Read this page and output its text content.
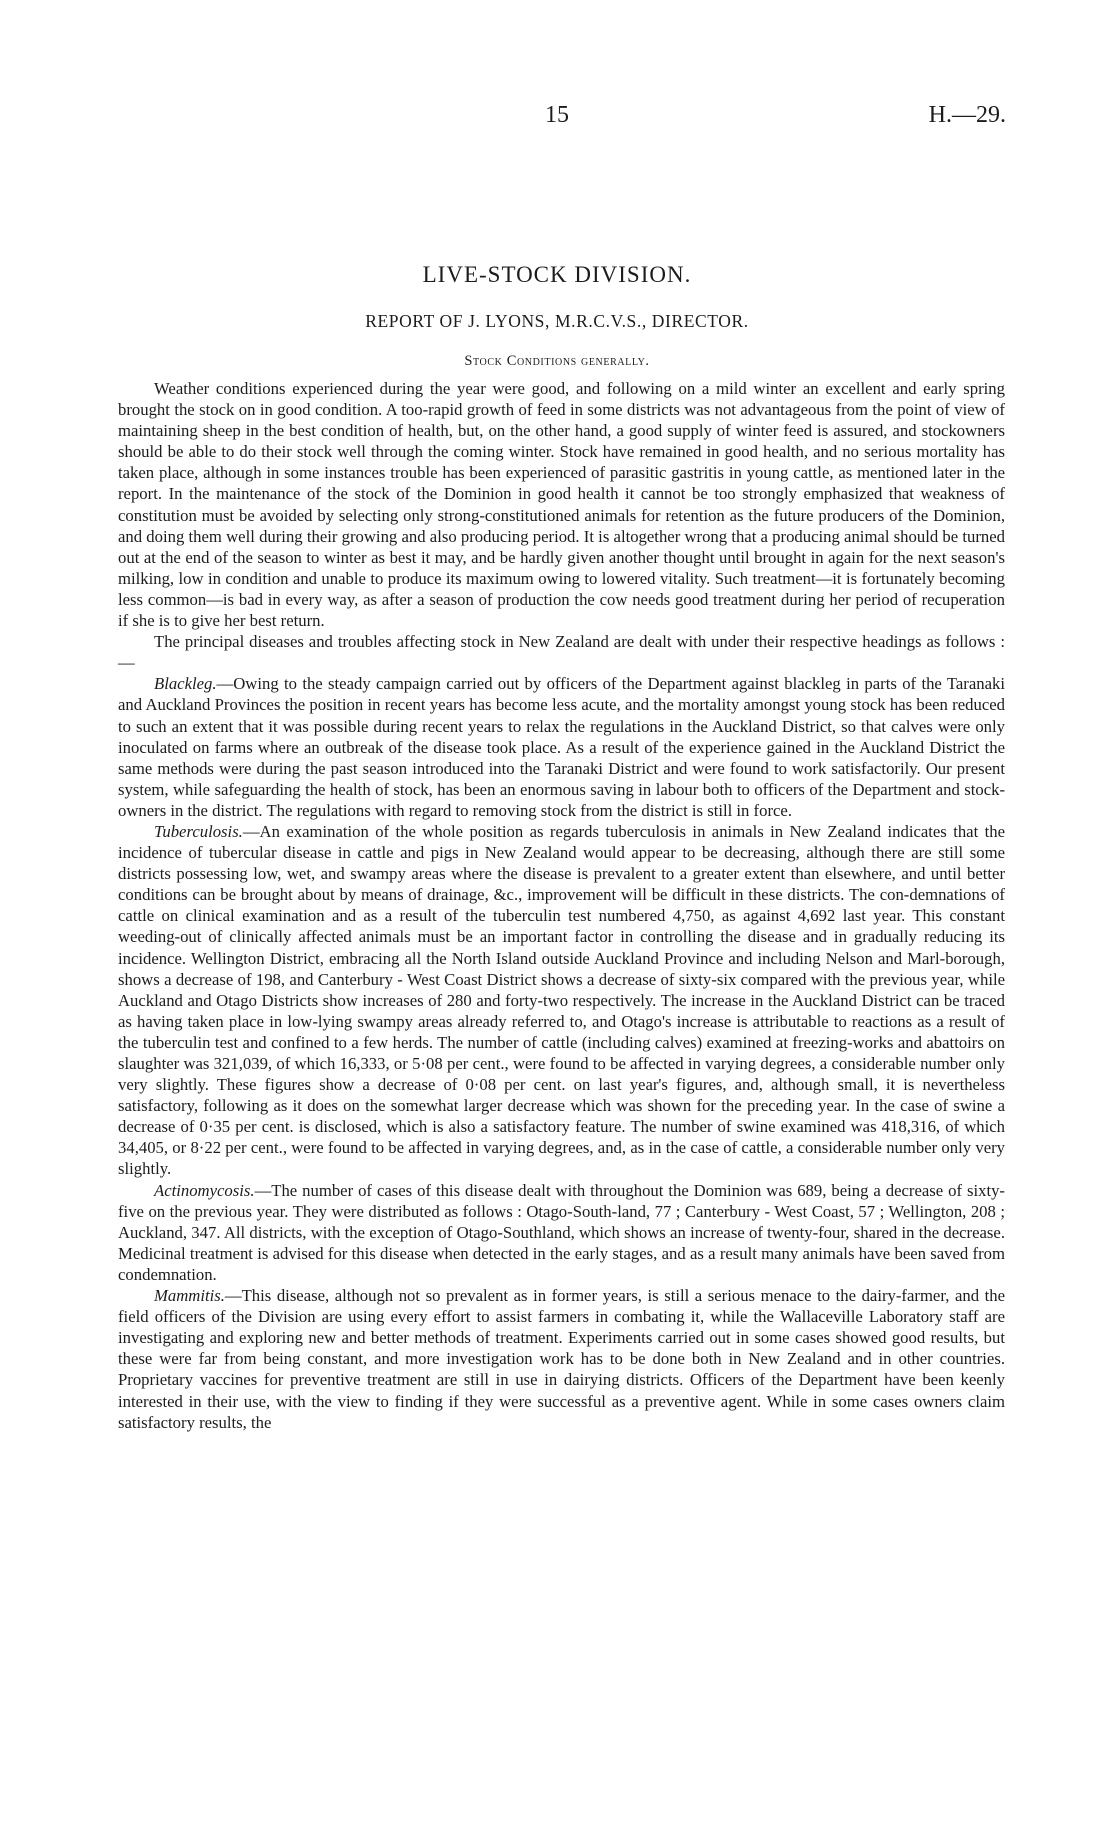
15	H.—29.
LIVE-STOCK DIVISION.
REPORT OF J. LYONS, M.R.C.V.S., DIRECTOR.
Stock Conditions generally.

Weather conditions experienced during the year were good, and following on a mild winter an excellent and early spring brought the stock on in good condition. A too-rapid growth of feed in some districts was not advantageous from the point of view of maintaining sheep in the best condition of health, but, on the other hand, a good supply of winter feed is assured, and stockowners should be able to do their stock well through the coming winter. Stock have remained in good health, and no serious mortality has taken place, although in some instances trouble has been experienced of parasitic gastritis in young cattle, as mentioned later in the report. In the maintenance of the stock of the Dominion in good health it cannot be too strongly emphasized that weakness of constitution must be avoided by selecting only strong-constitutioned animals for retention as the future producers of the Dominion, and doing them well during their growing and also producing period. It is altogether wrong that a producing animal should be turned out at the end of the season to winter as best it may, and be hardly given another thought until brought in again for the next season's milking, low in condition and unable to produce its maximum owing to lowered vitality. Such treatment—it is fortunately becoming less common—is bad in every way, as after a season of production the cow needs good treatment during her period of recuperation if she is to give her best return.

The principal diseases and troubles affecting stock in New Zealand are dealt with under their respective headings as follows :—

Blackleg.—Owing to the steady campaign carried out by officers of the Department against blackleg in parts of the Taranaki and Auckland Provinces the position in recent years has become less acute, and the mortality amongst young stock has been reduced to such an extent that it was possible during recent years to relax the regulations in the Auckland District, so that calves were only inoculated on farms where an outbreak of the disease took place. As a result of the experience gained in the Auckland District the same methods were during the past season introduced into the Taranaki District and were found to work satisfactorily. Our present system, while safeguarding the health of stock, has been an enormous saving in labour both to officers of the Department and stock-owners in the district. The regulations with regard to removing stock from the district is still in force.

Tuberculosis.—An examination of the whole position as regards tuberculosis in animals in New Zealand indicates that the incidence of tubercular disease in cattle and pigs in New Zealand would appear to be decreasing, although there are still some districts possessing low, wet, and swampy areas where the disease is prevalent to a greater extent than elsewhere, and until better conditions can be brought about by means of drainage, &c., improvement will be difficult in these districts. The con-demnations of cattle on clinical examination and as a result of the tuberculin test numbered 4,750, as against 4,692 last year. This constant weeding-out of clinically affected animals must be an important factor in controlling the disease and in gradually reducing its incidence. Wellington District, embracing all the North Island outside Auckland Province and including Nelson and Marl-borough, shows a decrease of 198, and Canterbury - West Coast District shows a decrease of sixty-six compared with the previous year, while Auckland and Otago Districts show increases of 280 and forty-two respectively. The increase in the Auckland District can be traced as having taken place in low-lying swampy areas already referred to, and Otago's increase is attributable to reactions as a result of the tuberculin test and confined to a few herds. The number of cattle (including calves) examined at freezing-works and abattoirs on slaughter was 321,039, of which 16,333, or 5·08 per cent., were found to be affected in varying degrees, a considerable number only very slightly. These figures show a decrease of 0·08 per cent. on last year's figures, and, although small, it is nevertheless satisfactory, following as it does on the somewhat larger decrease which was shown for the preceding year. In the case of swine a decrease of 0·35 per cent. is disclosed, which is also a satisfactory feature. The number of swine examined was 418,316, of which 34,405, or 8·22 per cent., were found to be affected in varying degrees, and, as in the case of cattle, a considerable number only very slightly.

Actinomycosis.—The number of cases of this disease dealt with throughout the Dominion was 689, being a decrease of sixty-five on the previous year. They were distributed as follows : Otago-South-land, 77 ; Canterbury - West Coast, 57 ; Wellington, 208 ; Auckland, 347. All districts, with the exception of Otago-Southland, which shows an increase of twenty-four, shared in the decrease. Medicinal treatment is advised for this disease when detected in the early stages, and as a result many animals have been saved from condemnation.

Mammitis.—This disease, although not so prevalent as in former years, is still a serious menace to the dairy-farmer, and the field officers of the Division are using every effort to assist farmers in combating it, while the Wallaceville Laboratory staff are investigating and exploring new and better methods of treatment. Experiments carried out in some cases showed good results, but these were far from being constant, and more investigation work has to be done both in New Zealand and in other countries. Proprietary vaccines for preventive treatment are still in use in dairying districts. Officers of the Department have been keenly interested in their use, with the view to finding if they were successful as a preventive agent. While in some cases owners claim satisfactory results, the
